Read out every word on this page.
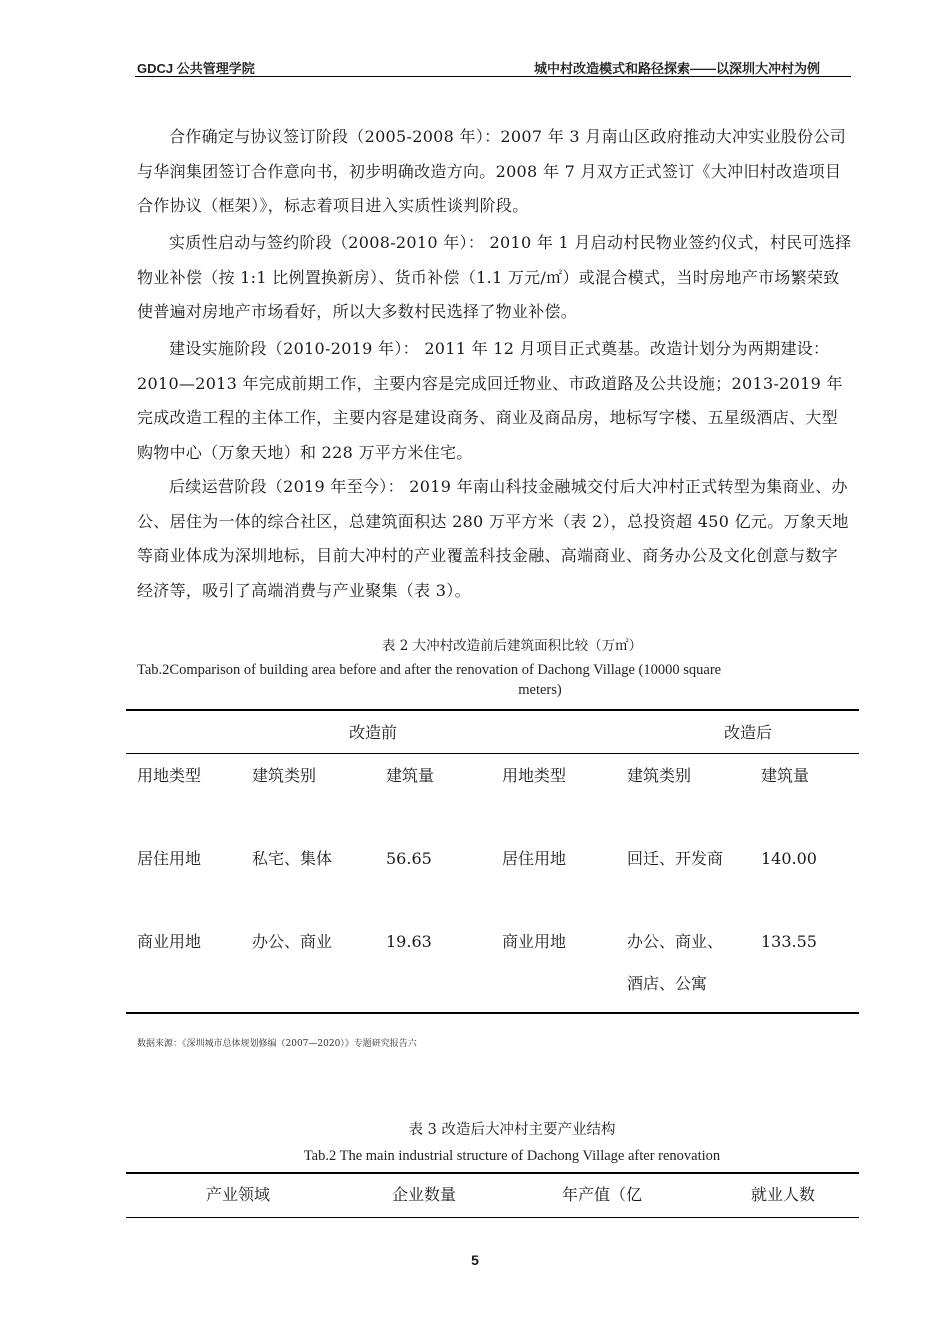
GDCJ 公共管理学院	城中村改造模式和路径探索——以深圳大冲村为例

合作确定与协议签订阶段（2005-2008 年）：2007 年 3 月南山区政府推动大冲实业股份公司与华润集团签订合作意向书，初步明确改造方向。2008 年 7 月双方正式签订《大冲旧村改造项目合作协议（框架）》，标志着项目进入实质性谈判阶段。

实质性启动与签约阶段（2008-2010 年）： 2010 年 1 月启动村民物业签约仪式，村民可选择物业补偿（按 1:1 比例置换新房）、货币补偿（1.1 万元/㎡）或混合模式，当时房地产市场繁荣致使普遍对房地产市场看好，所以大多数村民选择了物业补偿。

建设实施阶段（2010-2019 年）： 2011 年 12 月项目正式奠基。改造计划分为两期建设：2010—2013 年完成前期工作，主要内容是完成回迁物业、市政道路及公共设施；2013-2019 年完成改造工程的主体工作，主要内容是建设商务、商业及商品房，地标写字楼、五星级酒店、大型购物中心（万象天地）和 228 万平方米住宅。

后续运营阶段（2019 年至今）： 2019 年南山科技金融城交付后大冲村正式转型为集商业、办公、居住为一体的综合社区，总建筑面积达 280 万平方米（表 2），总投资超 450 亿元。万象天地等商业体成为深圳地标，目前大冲村的产业覆盖科技金融、高端商业、商务办公及文化创意与数字经济等，吸引了高端消费与产业聚集（表 3）。

表 2 大冲村改造前后建筑面积比较（万㎡）
Tab.2Comparison of building area before and after the renovation of Dachong Village (10000 square
meters)
改造前	改造后
用地类型	建筑类别	建筑量	用地类型	建筑类别	建筑量
居住用地	私宅、集体	56.65	居住用地	回迁、开发商 140.00
商业用地	办公、商业	19.63	商业用地	办公、商业、 133.55
酒店、公寓
数据来源：《深圳城市总体规划修编（2007—2020）》专题研究报告六
表 3 改造后大冲村主要产业结构
Tab.2 The main industrial structure of Dachong Village after renovation
产业领域	企业数量	年产值（亿	就业人数
5
